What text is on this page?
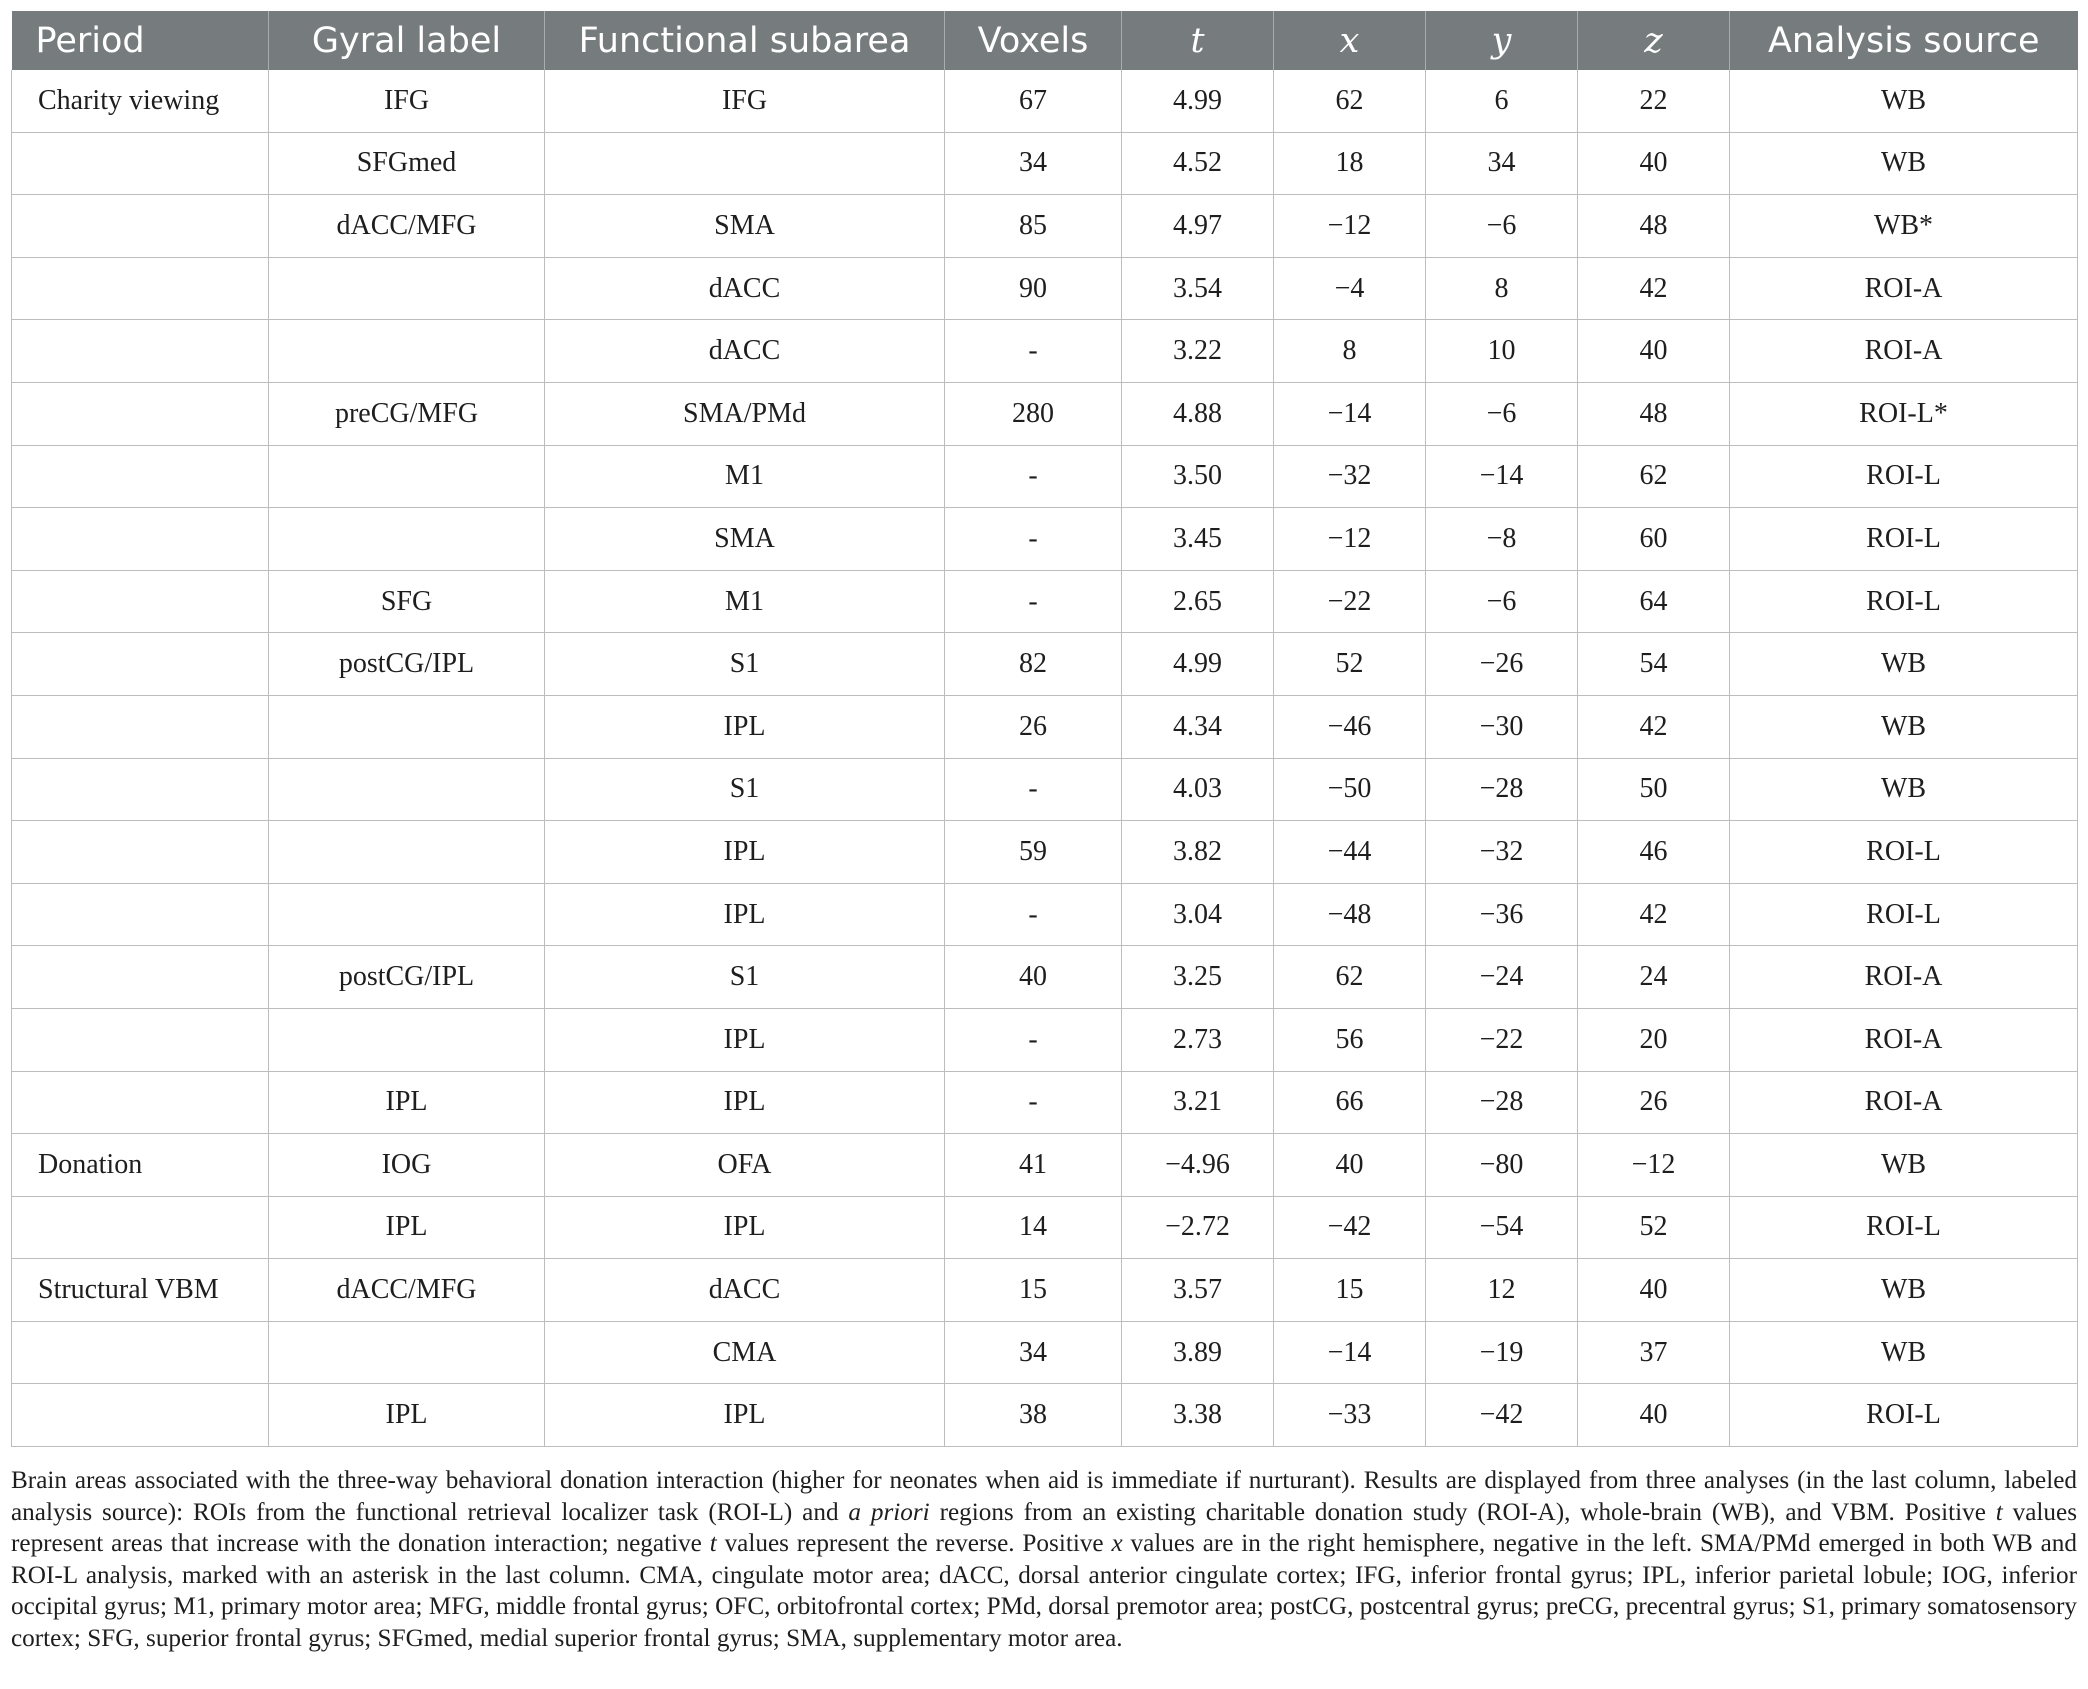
Period	Gyral label	Functional subarea	Voxels	t	x	y	z	Analysis source
Charity viewing	IFG	IFG	67	4.99	62	6	22	WB
	SFGmed		34	4.52	18	34	40	WB
	dACC/MFG	SMA	85	4.97	−12	−6	48	WB*
		dACC	90	3.54	−4	8	42	ROI-A
		dACC	-	3.22	8	10	40	ROI-A
	preCG/MFG	SMA/PMd	280	4.88	−14	−6	48	ROI-L*
		M1	-	3.50	−32	−14	62	ROI-L
		SMA	-	3.45	−12	−8	60	ROI-L
	SFG	M1	-	2.65	−22	−6	64	ROI-L
	postCG/IPL	S1	82	4.99	52	−26	54	WB
		IPL	26	4.34	−46	−30	42	WB
		S1	-	4.03	−50	−28	50	WB
		IPL	59	3.82	−44	−32	46	ROI-L
		IPL	-	3.04	−48	−36	42	ROI-L
	postCG/IPL	S1	40	3.25	62	−24	24	ROI-A
		IPL	-	2.73	56	−22	20	ROI-A
	IPL	IPL	-	3.21	66	−28	26	ROI-A
Donation	IOG	OFA	41	−4.96	40	−80	−12	WB
	IPL	IPL	14	−2.72	−42	−54	52	ROI-L
Structural VBM	dACC/MFG	dACC	15	3.57	15	12	40	WB
		CMA	34	3.89	−14	−19	37	WB
	IPL	IPL	38	3.38	−33	−42	40	ROI-L
Brain areas associated with the three-way behavioral donation interaction (higher for neonates when aid is immediate if nurturant). Results are displayed from three analyses (in the last column, labeled analysis source): ROIs from the functional retrieval localizer task (ROI-L) and a priori regions from an existing charitable donation study (ROI-A), whole-brain (WB), and VBM. Positive t values represent areas that increase with the donation interaction; negative t values represent the reverse. Positive x values are in the right hemisphere, negative in the left. SMA/PMd emerged in both WB and ROI-L analysis, marked with an asterisk in the last column. CMA, cingulate motor area; dACC, dorsal anterior cingulate cortex; IFG, inferior frontal gyrus; IPL, inferior parietal lobule; IOG, inferior occipital gyrus; M1, primary motor area; MFG, middle frontal gyrus; OFC, orbitofrontal cortex; PMd, dorsal premotor area; postCG, postcentral gyrus; preCG, precentral gyrus; S1, primary somatosensory cortex; SFG, superior frontal gyrus; SFGmed, medial superior frontal gyrus; SMA, supplementary motor area.
